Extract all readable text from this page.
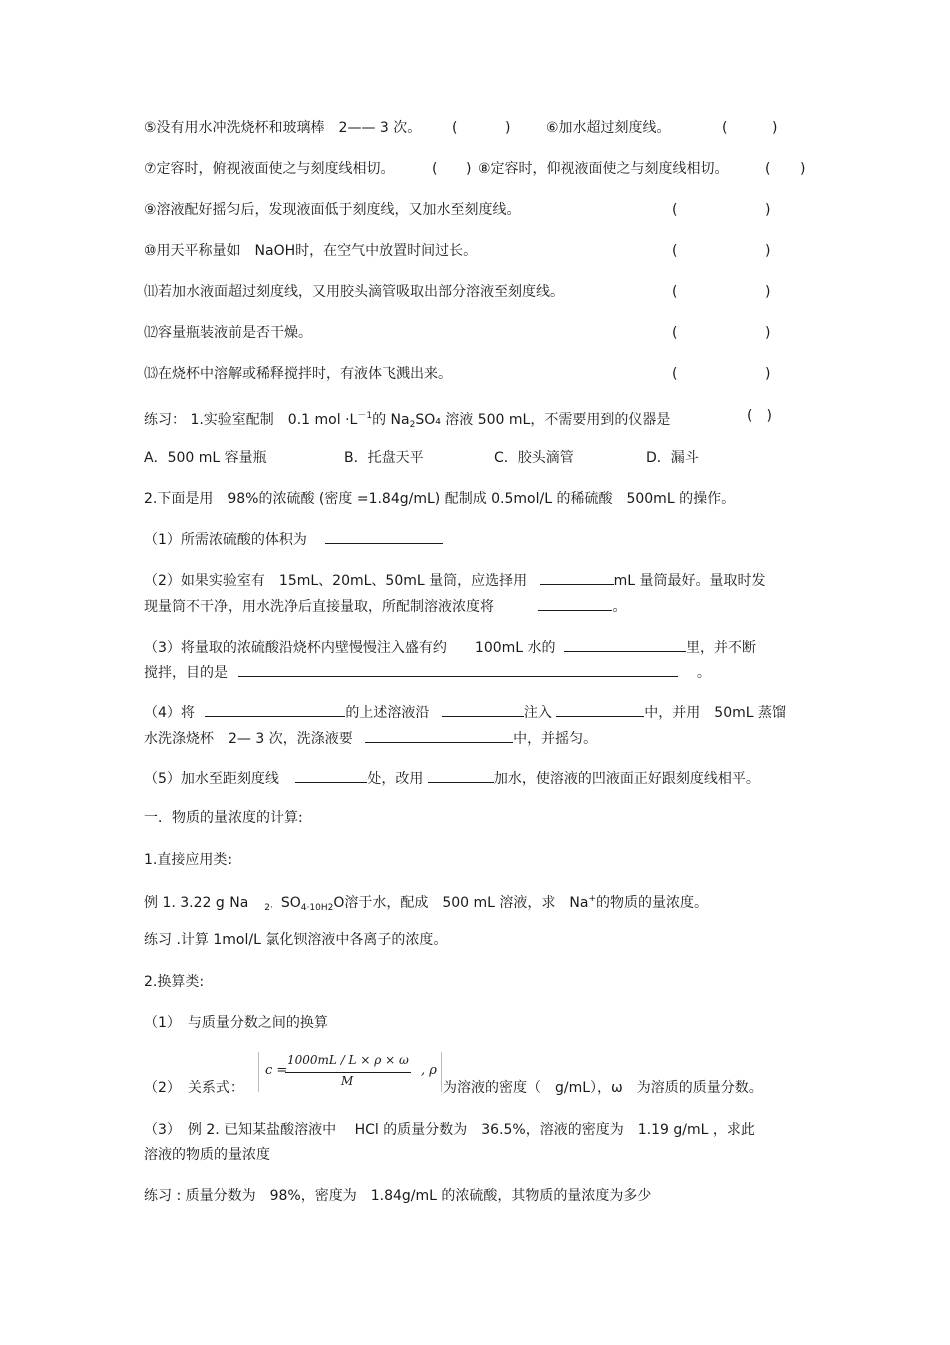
⑤没有用水冲洗烧杯和玻璃棒　2—— 3 次。 (	)	⑥加水超过刻度线。	(	)
⑦定容时，俯视液面使之与刻度线相切。	( ) ⑧定容时，仰视液面使之与刻度线相切。	( )
⑨溶液配好摇匀后，发现液面低于刻度线，又加水至刻度线。	(	)
⑩用天平称量如　NaOH时，在空气中放置时间过长。	(	)
⑾若加水液面超过刻度线，又用胶头滴管吸取出部分溶液至刻度线。	(	)
⑿容量瓶装液前是否干燥。	(	)
⒀在烧杯中溶解或稀释搅拌时，有液体飞溅出来。	(	)
练习： 1.实验室配制　0.1 mol $\cdot L^{-1}$的 $Na_2SO_4$ 溶液 500 mL，不需要用到的仪器是	(　)
A．500 mL 容量瓶	B．托盘天平	C．胶头滴管	D．漏斗
2.下面是用　98%的浓硫酸 (密度 =1.84g/mL) 配制成 0.5mol/L 的稀硫酸　500mL 的操作。
（1）所需浓硫酸的体积为
（2）如果实验室有　15mL、20mL、50mL 量筒，应选择用	mL 量筒最好。量取时发
现量筒不干净，用水洗净后直接量取，所配制溶液浓度将	。
（3）将量取的浓硫酸沿烧杯内壁慢慢注入盛有约　　100mL 水的	里，并不断
搅拌，目的是	。
（4）将	的上述溶液沿	注入	中，并用　50mL 蒸馏
水洗涤烧杯　2— 3 次，洗涤液要	中，并摇匀。
（5）加水至距刻度线	处，改用	加水，使溶液的凹液面正好跟刻度线相平。
一．物质的量浓度的计算:
1.直接应用类:
例 1. 3.22 g Na $_{2\cdot}$ $SO_{4\cdot 10H2}O$溶于水，配成　500 mL 溶液，求　Na+的物质的量浓度。
练习 .计算 1mol/L 氯化钡溶液中各离子的浓度。
2.换算类:
（1）　与质量分数之间的换算
（2）　关系式：
c =
1000mL / L × ρ × ω
M
, ρ
为溶液的密度（　g/mL），ω　为溶质的质量分数。
（3）　例 2. 已知某盐酸溶液中　 HCl 的质量分数为　36.5%，溶液的密度为　1.19 g/mL ，求此
溶液的物质的量浓度
练习 : 质量分数为　98%，密度为　1.84g/mL 的浓硫酸，其物质的量浓度为多少
